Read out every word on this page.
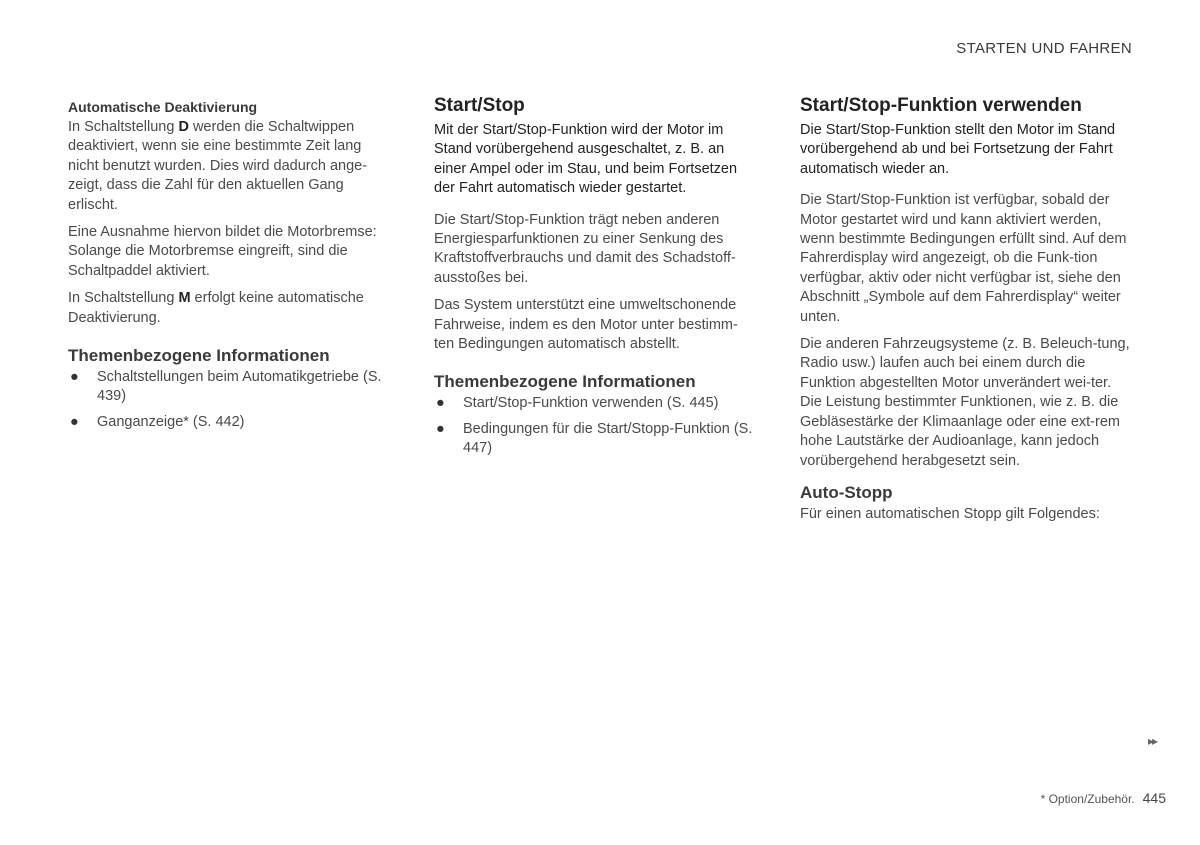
STARTEN UND FAHREN
Automatische Deaktivierung

In Schaltstellung D werden die Schaltwippen deaktiviert, wenn sie eine bestimmte Zeit lang nicht benutzt wurden. Dies wird dadurch ange-zeigt, dass die Zahl für den aktuellen Gang erlischt.

Eine Ausnahme hiervon bildet die Motorbremse: Solange die Motorbremse eingreift, sind die Schaltpaddel aktiviert.

In Schaltstellung M erfolgt keine automatische Deaktivierung.

Themenbezogene Informationen
● Schaltstellungen beim Automatikgetriebe (S. 439)
● Ganganzeige* (S. 442)
Start/Stop

Mit der Start/Stop-Funktion wird der Motor im Stand vorübergehend ausgeschaltet, z. B. an einer Ampel oder im Stau, und beim Fortsetzen der Fahrt automatisch wieder gestartet.

Die Start/Stop-Funktion trägt neben anderen Energiesparfunktionen zu einer Senkung des Kraftstoffverbrauchs und damit des Schadstoff-ausstoßes bei.

Das System unterstützt eine umweltschonende Fahrweise, indem es den Motor unter bestimm-ten Bedingungen automatisch abstellt.

Themenbezogene Informationen
● Start/Stop-Funktion verwenden (S. 445)
● Bedingungen für die Start/Stopp-Funktion (S. 447)
Start/Stop-Funktion verwenden

Die Start/Stop-Funktion stellt den Motor im Stand vorübergehend ab und bei Fortsetzung der Fahrt automatisch wieder an.

Die Start/Stop-Funktion ist verfügbar, sobald der Motor gestartet wird und kann aktiviert werden, wenn bestimmte Bedingungen erfüllt sind. Auf dem Fahrerdisplay wird angezeigt, ob die Funk-tion verfügbar, aktiv oder nicht verfügbar ist, siehe den Abschnitt „Symbole auf dem Fahrerdisplay“ weiter unten.

Die anderen Fahrzeugsysteme (z. B. Beleuch-tung, Radio usw.) laufen auch bei einem durch die Funktion abgestellten Motor unverändert wei-ter. Die Leistung bestimmter Funktionen, wie z. B. die Gebläsestärke der Klimaanlage oder eine ext-rem hohe Lautstärke der Audioanlage, kann jedoch vorübergehend herabgesetzt sein.

Auto-Stopp

Für einen automatischen Stopp gilt Folgendes:

▸▸
* Option/Zubehör. 445
